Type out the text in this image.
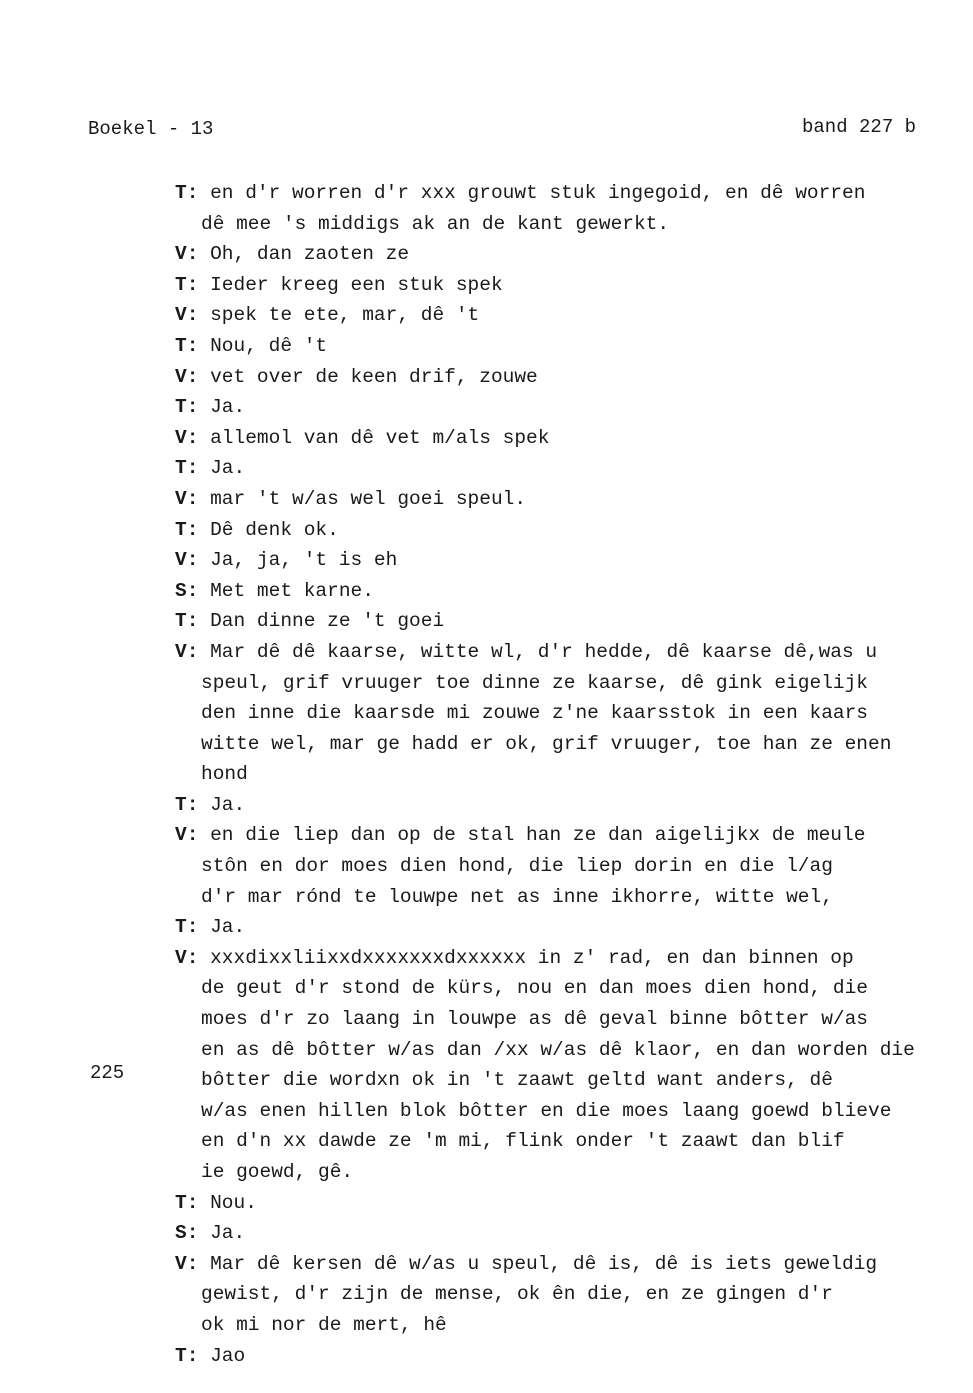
Boekel - 13	band 227 b
225
T: en d'r worren d'r xxx grouwt stuk ingegoid, en dê worren
dê mee 's middigs ak an de kant gewerkt.
V: Oh, dan zaoten ze
T: Ieder kreeg een stuk spek
V: spek te ete, mar, dê 't
T: Nou, dê 't
V: vet over de keen drif, zouwe
T: Ja.
V: allemol van dê vet m/als spek
T: Ja.
V: mar 't w/as wel goei speul.
T: Dê denk ok.
V: Ja, ja, 't is eh
S: Met met karne.
T: Dan dinne ze 't goei
V: Mar dê dê kaarse, witte wl, d'r hedde, dê kaarse dê,was u
speul, grif vruuger toe dinne ze kaarse, dê gink eigelijk
den inne die kaarsde mi zouwe z'ne kaarsstok in een kaars
witte wel, mar ge hadd er ok, grif vruuger, toe han ze enen
hond
T: Ja.
V: en die liep dan op de stal han ze dan aigelijkx de meule
stôn en dor moes dien hond, die liep dorin en die l/ag
d'r mar rónd te louwpe net as inne ikhorre, witte wel,
T: Ja.
V: xxxdixxliixxdxxxxxxxdxxxxxx in z' rad, en dan binnen op
de geut d'r stond de kürs, nou en dan moes dien hond, die
moes d'r zo laang in louwpe as dê geval binne bôtter w/as
en as dê bôtter w/as dan /xx w/as dê klaor, en dan worden die
bôtter die wordxn ok in 't zaawt geltd want anders, dê
w/as enen hillen blok bôtter en die moes laang goewd blieve
en d'n xx dawde ze 'm mi, flink onder 't zaawt dan blif
ie goewd, gê.
T: Nou.
S: Ja.
V: Mar dê kersen dê w/as u speul, dê is, dê is iets geweldig
gewist, d'r zijn de mense, ok ên die, en ze gingen d'r
ok mi nor de mert, hê
T: Jao
